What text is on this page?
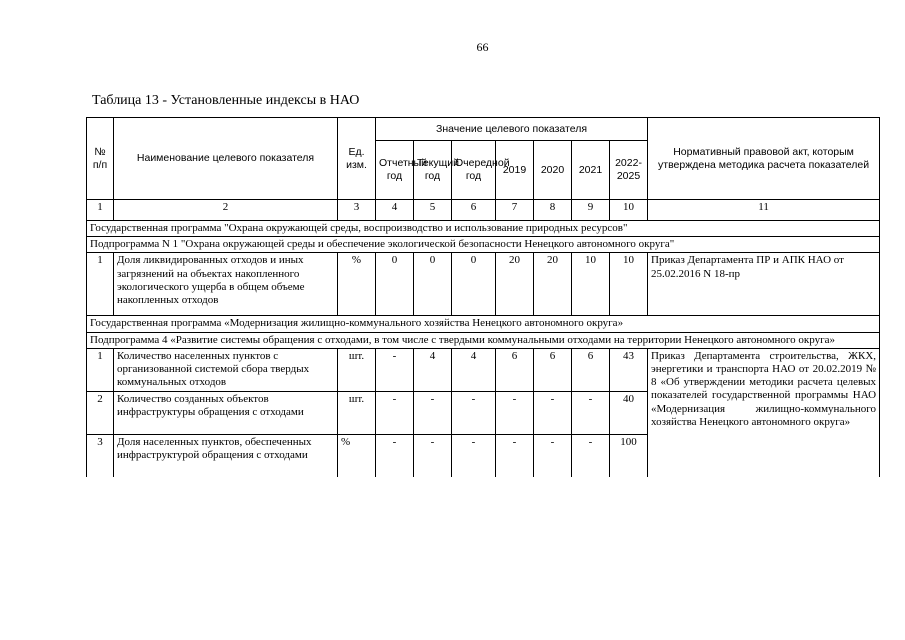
66
Таблица 13 - Установленные индексы в НАО
№ п/п	Наименование целевого показателя	Ед. изм.	Значение целевого показателя							Нормативный правовой акт, которым утверждена методика расчета показателей
			Отчетный год	Текущий год	Очередной год	2019	2020	2021	2022-2025	
1	2	3	4	5	6	7	8	9	10	11
Государственная программа "Охрана окружающей среды, воспроизводство и использование природных ресурсов"										
Подпрограмма N 1 "Охрана окружающей среды и обеспечение экологической безопасности Ненецкого автономного округа"										
1	Доля ликвидированных отходов и иных загрязнений на объектах накопленного экологического ущерба в общем объеме накопленных отходов	%	0	0	0	20	20	10	10	Приказ Департамента ПР и АПК НАО от 25.02.2016 N 18-пр
Государственная программа «Модернизация жилищно-коммунального хозяйства Ненецкого автономного округа»										
Подпрограмма 4 «Развитие системы обращения с отходами, в том числе с твердыми коммунальными отходами на территории Ненецкого автономного округа»										
1	Количество населенных пунктов с организованной системой сбора твердых коммунальных отходов	шт.	-	4	4	6	6	6	43	Приказ Департамента строительства, ЖКХ, энергетики и транспорта НАО от 20.02.2019 № 8 «Об утверждении методики расчета целевых показателей государственной программы НАО «Модернизация жилищно-коммунального хозяйства Ненецкого автономного округа»
2	Количество созданных объектов инфраструктуры обращения с отходами	шт.	-	-	-	-	-	-	40	
3	Доля населенных пунктов, обеспеченных инфраструктурой обращения с отходами	%	-	-	-	-	-	-	100	
